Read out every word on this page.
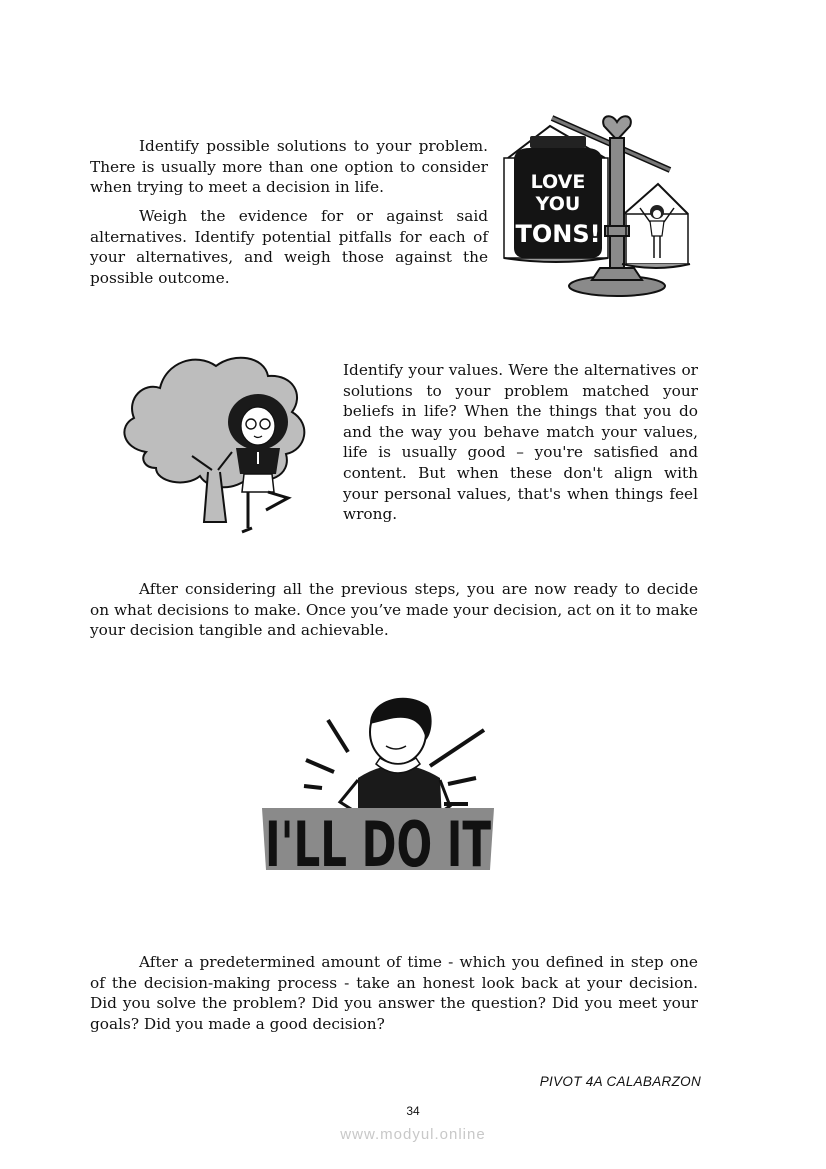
Identify possible solutions to your problem. There is usually more than one option to consider when trying to meet a decision in life.

Weigh the evidence for or against said alternatives. Identify potential pitfalls for each of your alternatives, and weigh those against the possible outcome.

Identify your values. Were the alternatives or solutions to your problem matched your beliefs in life? When the things that you do and the way you behave match your values, life is usually good – you're satisfied and content. But when these don't align with your personal values, that's when things feel wrong.

After considering all the previous steps, you are now ready to decide on what decisions to make. Once you’ve made your decision, act on it to make your decision tangible and achievable.

After a predetermined amount of time - which you defined in step one of the decision-making process - take an honest look back at your decision. Did you solve the problem? Did you answer the question? Did you meet your goals? Did you made a good decision?

LOVE
YOU
TONS!
I'LL DO IT
PIVOT 4A CALABARZON
34
www.modyul.online
